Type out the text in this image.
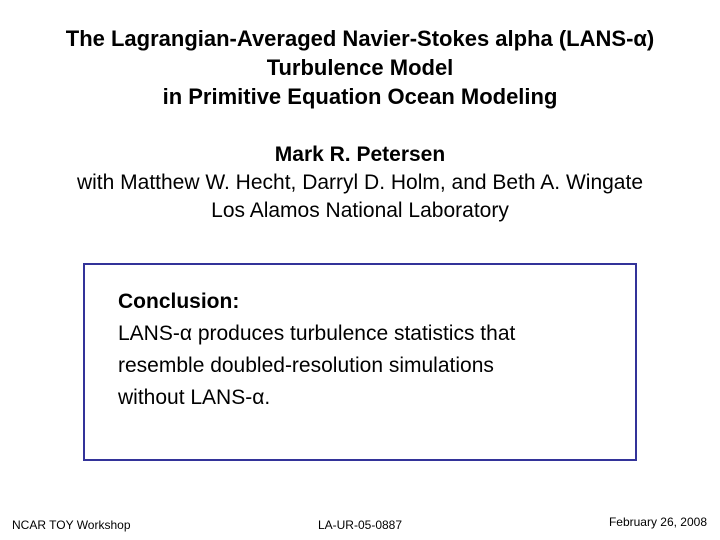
The Lagrangian-Averaged Navier-Stokes alpha (LANS-α)
Turbulence Model
in Primitive Equation Ocean Modeling
Mark R. Petersen
with Matthew W. Hecht, Darryl D. Holm, and Beth A. Wingate
Los Alamos National Laboratory
Conclusion:
LANS-α produces turbulence statistics that
resemble doubled-resolution simulations
without LANS-α.
NCAR TOY Workshop	LA-UR-05-0887	February 26, 2008
